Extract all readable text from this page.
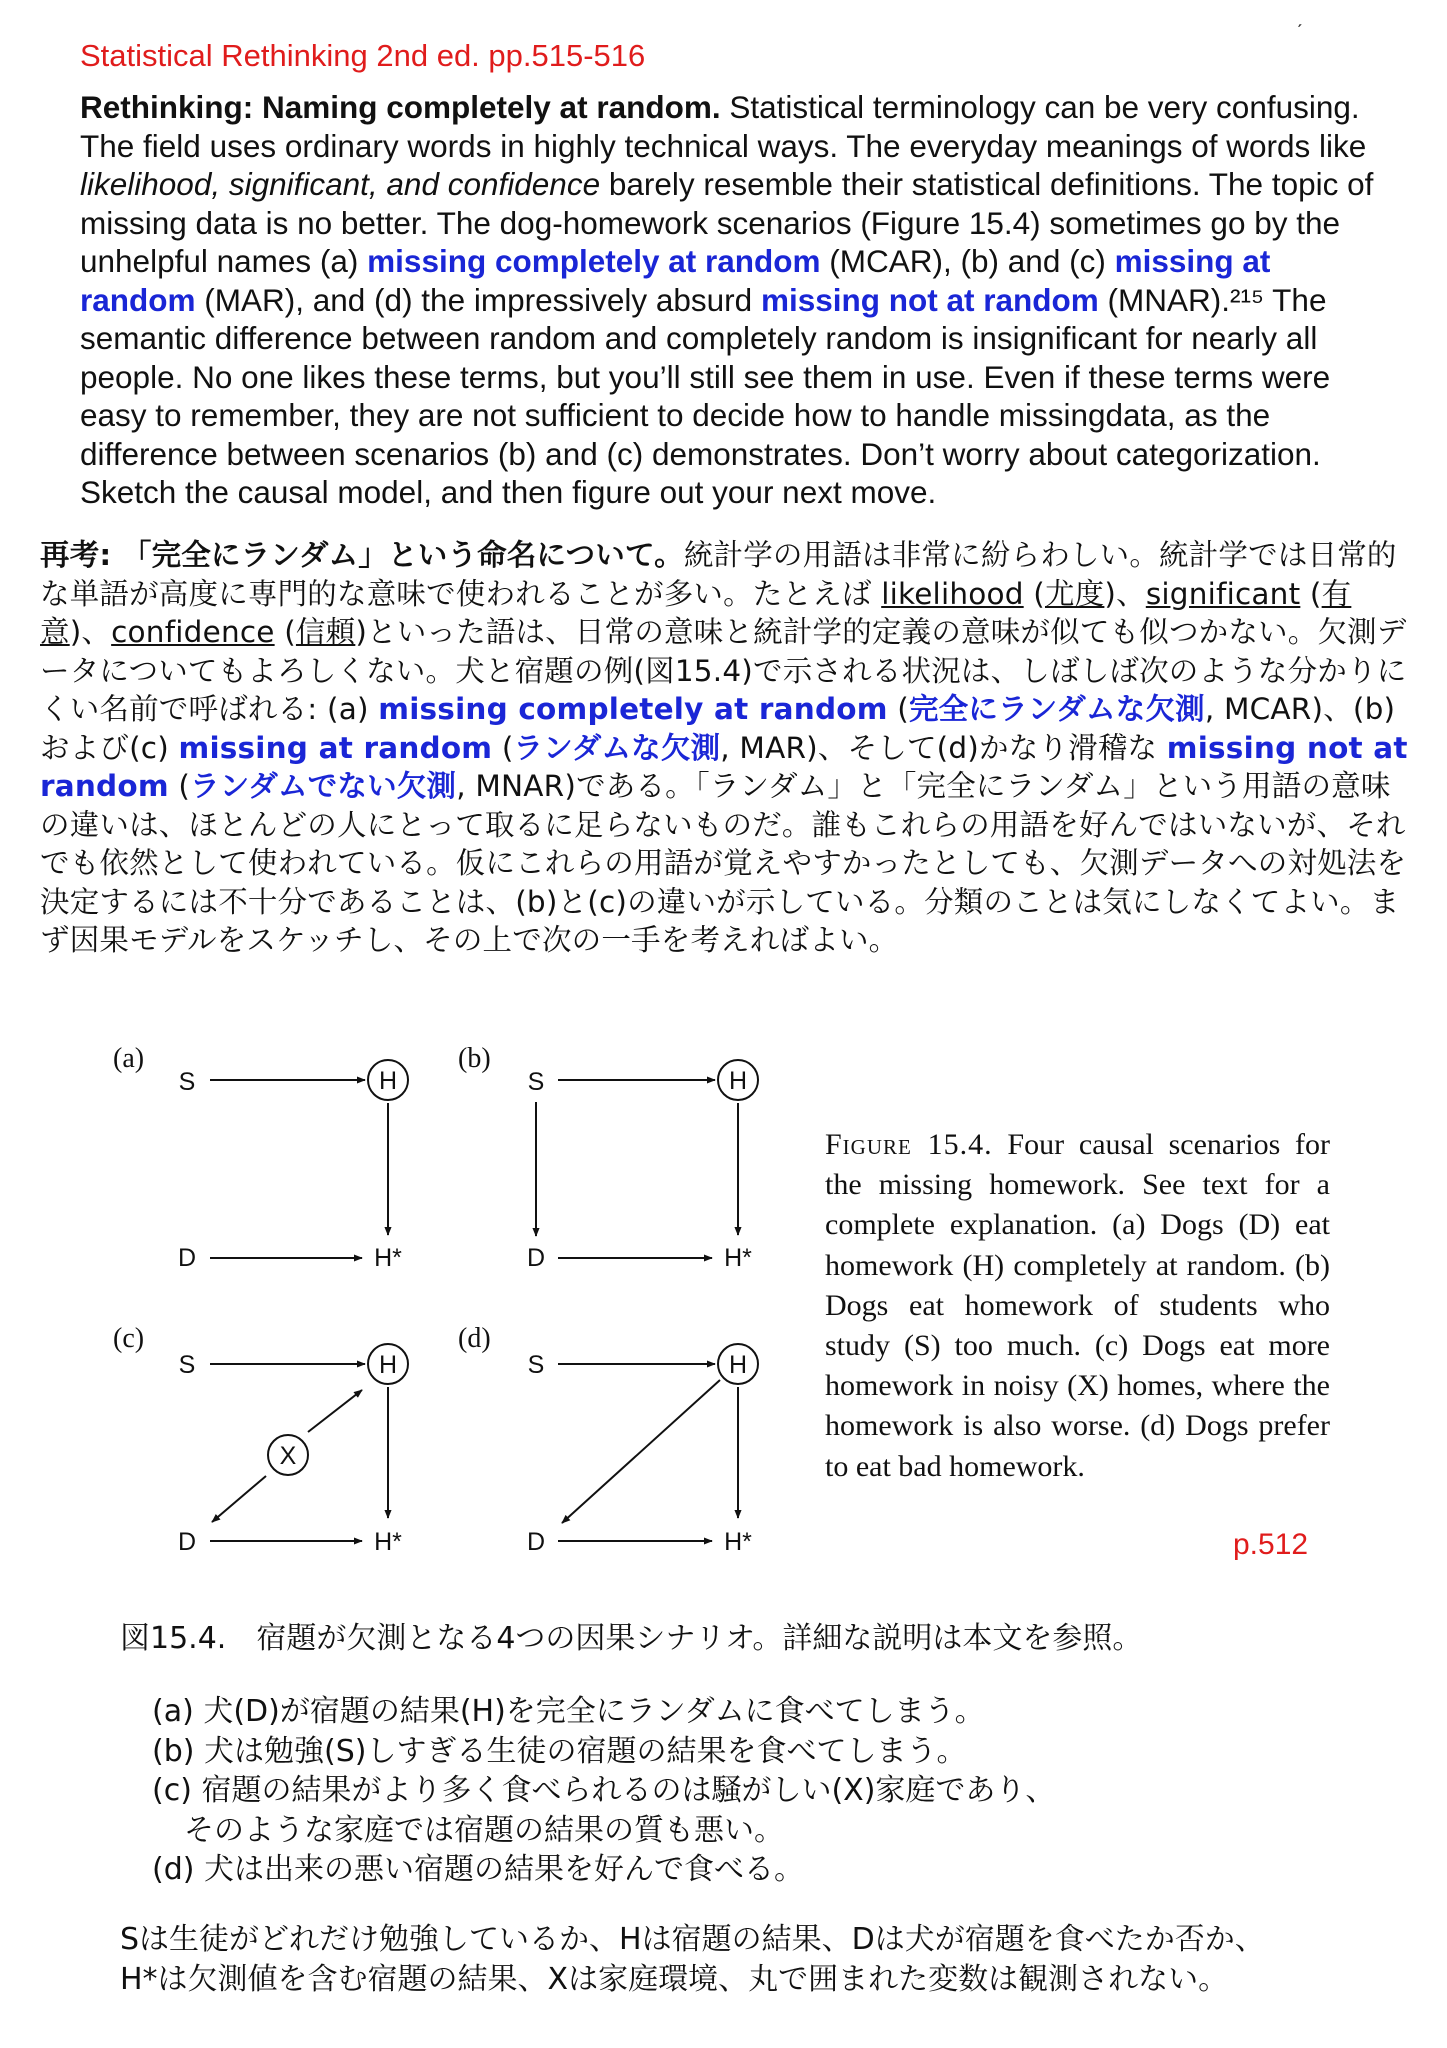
ˏ
Statistical Rethinking 2nd ed. pp.515-516
Rethinking: Naming completely at random. Statistical terminology can be very confusing. The field uses ordinary words in highly technical ways. The everyday meanings of words like likelihood, significant, and confidence barely resemble their statistical definitions. The topic of missing data is no better. The dog-homework scenarios (Figure 15.4) sometimes go by the unhelpful names (a) missing completely at random (MCAR), (b) and (c) missing at random (MAR), and (d) the impressively absurd missing not at random (MNAR).²¹⁵ The semantic difference between random and completely random is insignificant for nearly all people. No one likes these terms, but you’ll still see them in use. Even if these terms were easy to remember, they are not sufficient to decide how to handle missingdata, as the difference between scenarios (b) and (c) demonstrates. Don’t worry about categorization. Sketch the causal model, and then figure out your next move.
再考: 「完全にランダム」という命名について。統計学の用語は非常に紛らわしい。統計学では日常的な単語が高度に専門的な意味で使われることが多い。たとえば likelihood (尤度)、significant (有意)、confidence (信頼)といった語は、日常の意味と統計学的定義の意味が似ても似つかない。欠測データについてもよろしくない。犬と宿題の例(図15.4)で示される状況は、しばしば次のような分かりにくい名前で呼ばれる: (a) missing completely at random (完全にランダムな欠測, MCAR)、(b)および(c) missing at random (ランダムな欠測, MAR)、そして(d)かなり滑稽な missing not at random (ランダムでない欠測, MNAR)である。「ランダム」と「完全にランダム」という用語の意味の違いは、ほとんどの人にとって取るに足らないものだ。誰もこれらの用語を好んではいないが、それでも依然として使われている。仮にこれらの用語が覚えやすかったとしても、欠測データへの対処法を決定するには不十分であることは、(b)と(c)の違いが示している。分類のことは気にしなくてよい。まず因果モデルをスケッチし、その上で次の一手を考えればよい。
(a)
S	H
D	H*
(b)
S	H
D	H*
(c)
S	H
X
D	H*
(d)
S	H
D	H*
Figure 15.4. Four causal scenarios for the missing homework. See text for a complete explanation. (a) Dogs (D) eat homework (H) completely at random. (b) Dogs eat homework of students who study (S) too much. (c) Dogs eat more homework in noisy (X) homes, where the homework is also worse. (d) Dogs prefer to eat bad homework.
p.512
図15.4.　宿題が欠測となる4つの因果シナリオ。詳細な説明は本文を参照。
(a) 犬(D)が宿題の結果(H)を完全にランダムに食べてしまう。
(b) 犬は勉強(S)しすぎる生徒の宿題の結果を食べてしまう。
(c) 宿題の結果がより多く食べられるのは騒がしい(X)家庭であり、
そのような家庭では宿題の結果の質も悪い。
(d) 犬は出来の悪い宿題の結果を好んで食べる。
Sは生徒がどれだけ勉強しているか、Hは宿題の結果、Dは犬が宿題を食べたか否か、
H*は欠測値を含む宿題の結果、Xは家庭環境、丸で囲まれた変数は観測されない。
